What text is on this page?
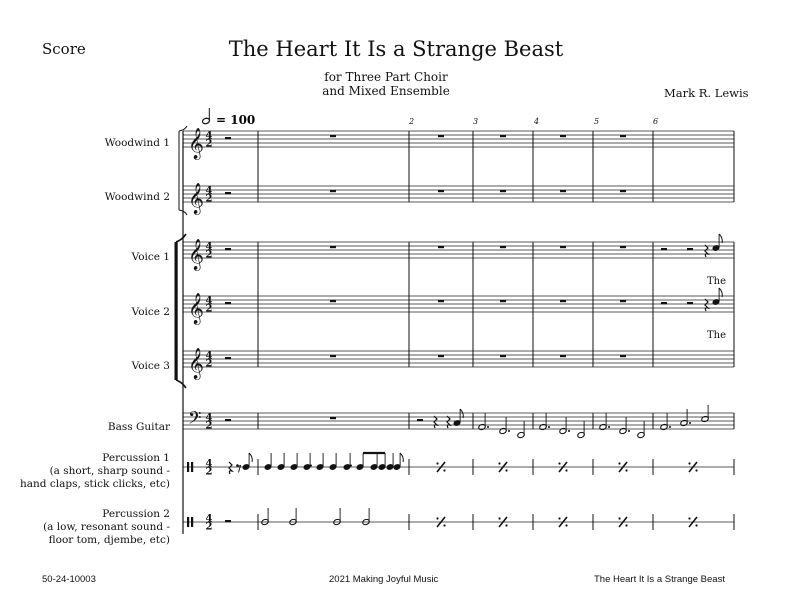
Score	The Heart It Is a Strange Beast
for Three Part Choir
and Mixed Ensemble	Mark R. Lewis
Woodwind 1
Woodwind 2
Voice 1
Voice 2
Voice 3
Bass Guitar
Percussion 1
(a short, sharp sound -
hand claps, stick clicks, etc)
Percussion 2
(a low, resonant sound -
floor tom, djembe, etc)
50-24-10003	2021 Making Joyful Music	The Heart It Is a Strange Beast
= 100	2	3	4	5	6
𝄞
𝄞
𝄞
𝄞
𝄞
𝄢
4
2
4
2
4
2
4
2
4
2
4
2
4
2
4
2
The
The
